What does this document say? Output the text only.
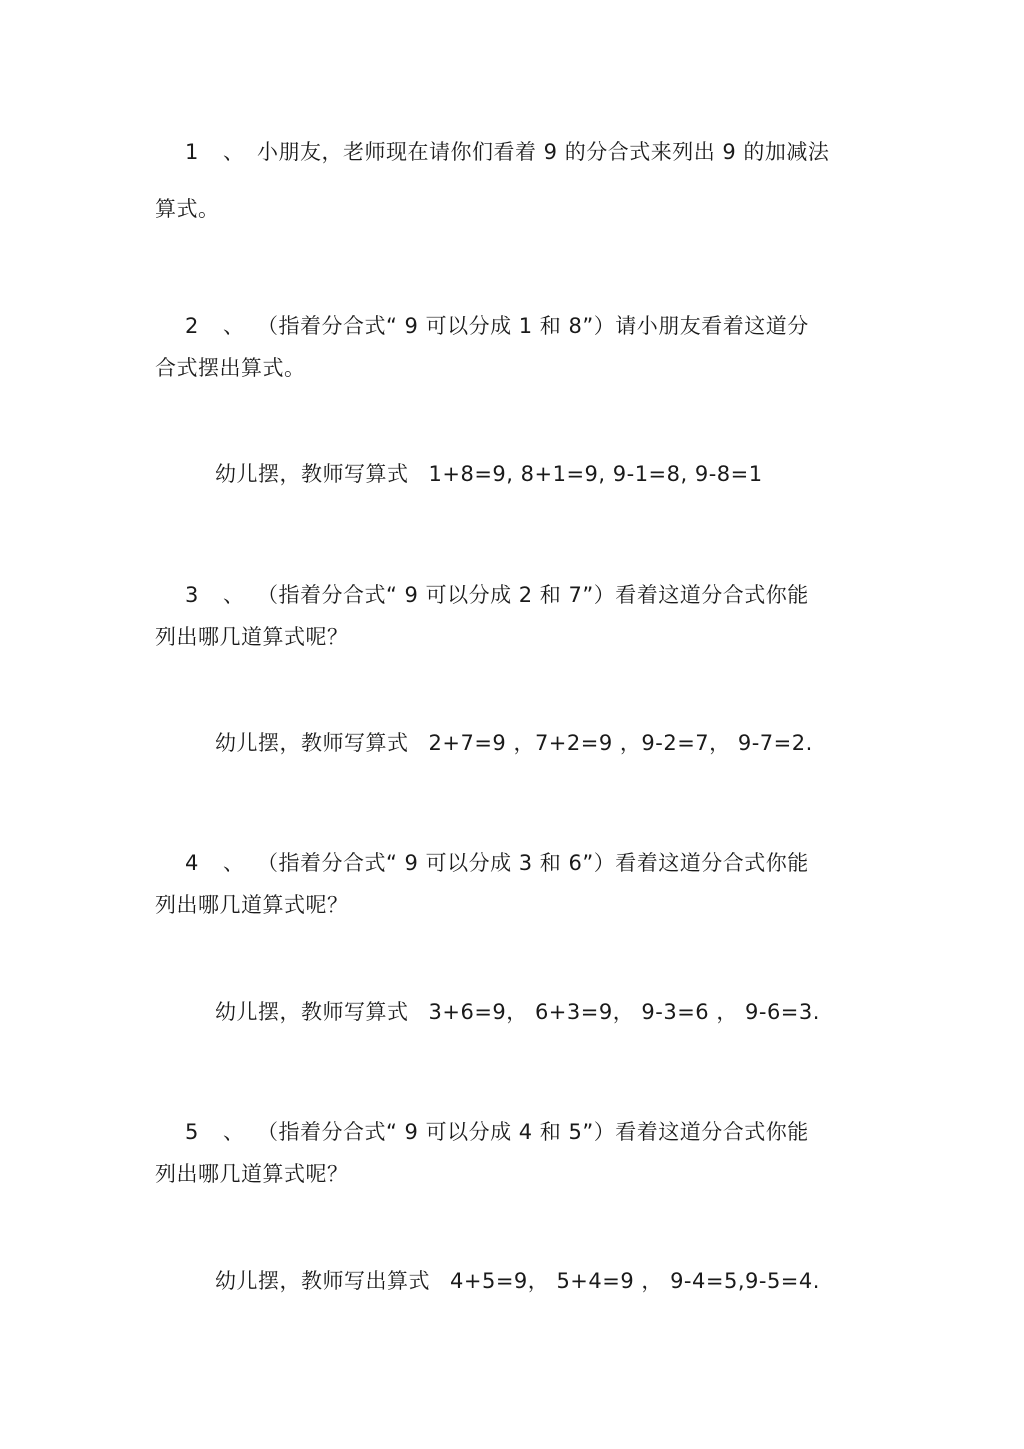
1 、 小朋友，老师现在请你们看着 9 的分合式来列出 9 的加减法
算式。
2 、 （指着分合式“ 9 可以分成 1 和 8”）请小朋友看着这道分
合式摆出算式。
幼儿摆，教师写算式 1+8=9, 8+1=9, 9-1=8, 9-8=1
3 、 （指着分合式“ 9 可以分成 2 和 7”）看着这道分合式你能
列出哪几道算式呢？
幼儿摆，教师写算式 2+7=9 ，7+2=9 ，9-2=7， 9-7=2.
4 、 （指着分合式“ 9 可以分成 3 和 6”）看着这道分合式你能
列出哪几道算式呢？
幼儿摆，教师写算式 3+6=9， 6+3=9， 9-3=6 ， 9-6=3.
5 、 （指着分合式“ 9 可以分成 4 和 5”）看着这道分合式你能
列出哪几道算式呢？
幼儿摆，教师写出算式 4+5=9， 5+4=9 ， 9-4=5,9-5=4.
